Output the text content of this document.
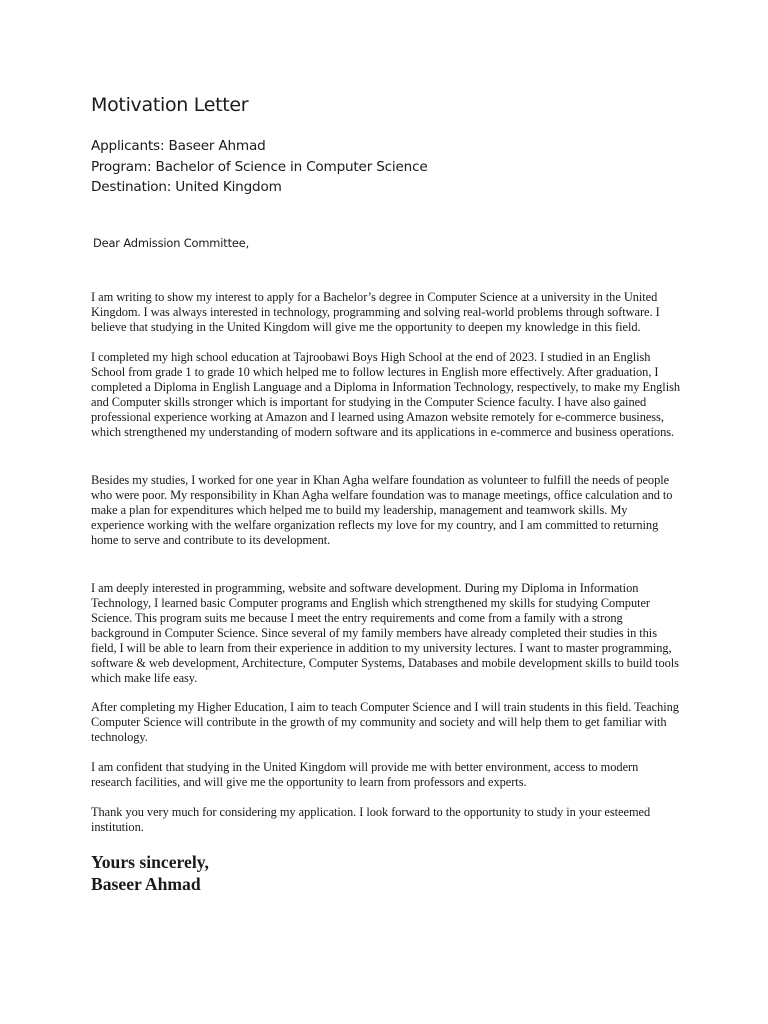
Motivation Letter
Applicants: Baseer Ahmad
Program: Bachelor of Science in Computer Science
Destination: United Kingdom
Dear Admission Committee,

I am writing to show my interest to apply for a Bachelor’s degree in Computer Science at a university in the United Kingdom. I was always interested in technology, programming and solving real-world problems through software. I believe that studying in the United Kingdom will give me the opportunity to deepen my knowledge in this field.

I completed my high school education at Tajroobawi Boys High School at the end of 2023. I studied in an English School from grade 1 to grade 10 which helped me to follow lectures in English more effectively. After graduation, I completed a Diploma in English Language and a Diploma in Information Technology, respectively, to make my English and Computer skills stronger which is important for studying in the Computer Science faculty. I have also gained professional experience working at Amazon and I learned using Amazon website remotely for e-commerce business, which strengthened my understanding of modern software and its applications in e-commerce and business operations.

Besides my studies, I worked for one year in Khan Agha welfare foundation as volunteer to fulfill the needs of people who were poor. My responsibility in Khan Agha welfare foundation was to manage meetings, office calculation and to make a plan for expenditures which helped me to build my leadership, management and teamwork skills. My experience working with the welfare organization reflects my love for my country, and I am committed to returning home to serve and contribute to its development.

I am deeply interested in programming, website and software development. During my Diploma in Information Technology, I learned basic Computer programs and English which strengthened my skills for studying Computer Science. This program suits me because I meet the entry requirements and come from a family with a strong background in Computer Science. Since several of my family members have already completed their studies in this field, I will be able to learn from their experience in addition to my university lectures. I want to master programming, software & web development, Architecture, Computer Systems, Databases and mobile development skills to build tools which make life easy.

After completing my Higher Education, I aim to teach Computer Science and I will train students in this field. Teaching Computer Science will contribute in the growth of my community and society and will help them to get familiar with technology.

I am confident that studying in the United Kingdom will provide me with better environment, access to modern research facilities, and will give me the opportunity to learn from professors and experts.

Thank you very much for considering my application. I look forward to the opportunity to study in your esteemed institution.

Yours sincerely,
Baseer Ahmad
